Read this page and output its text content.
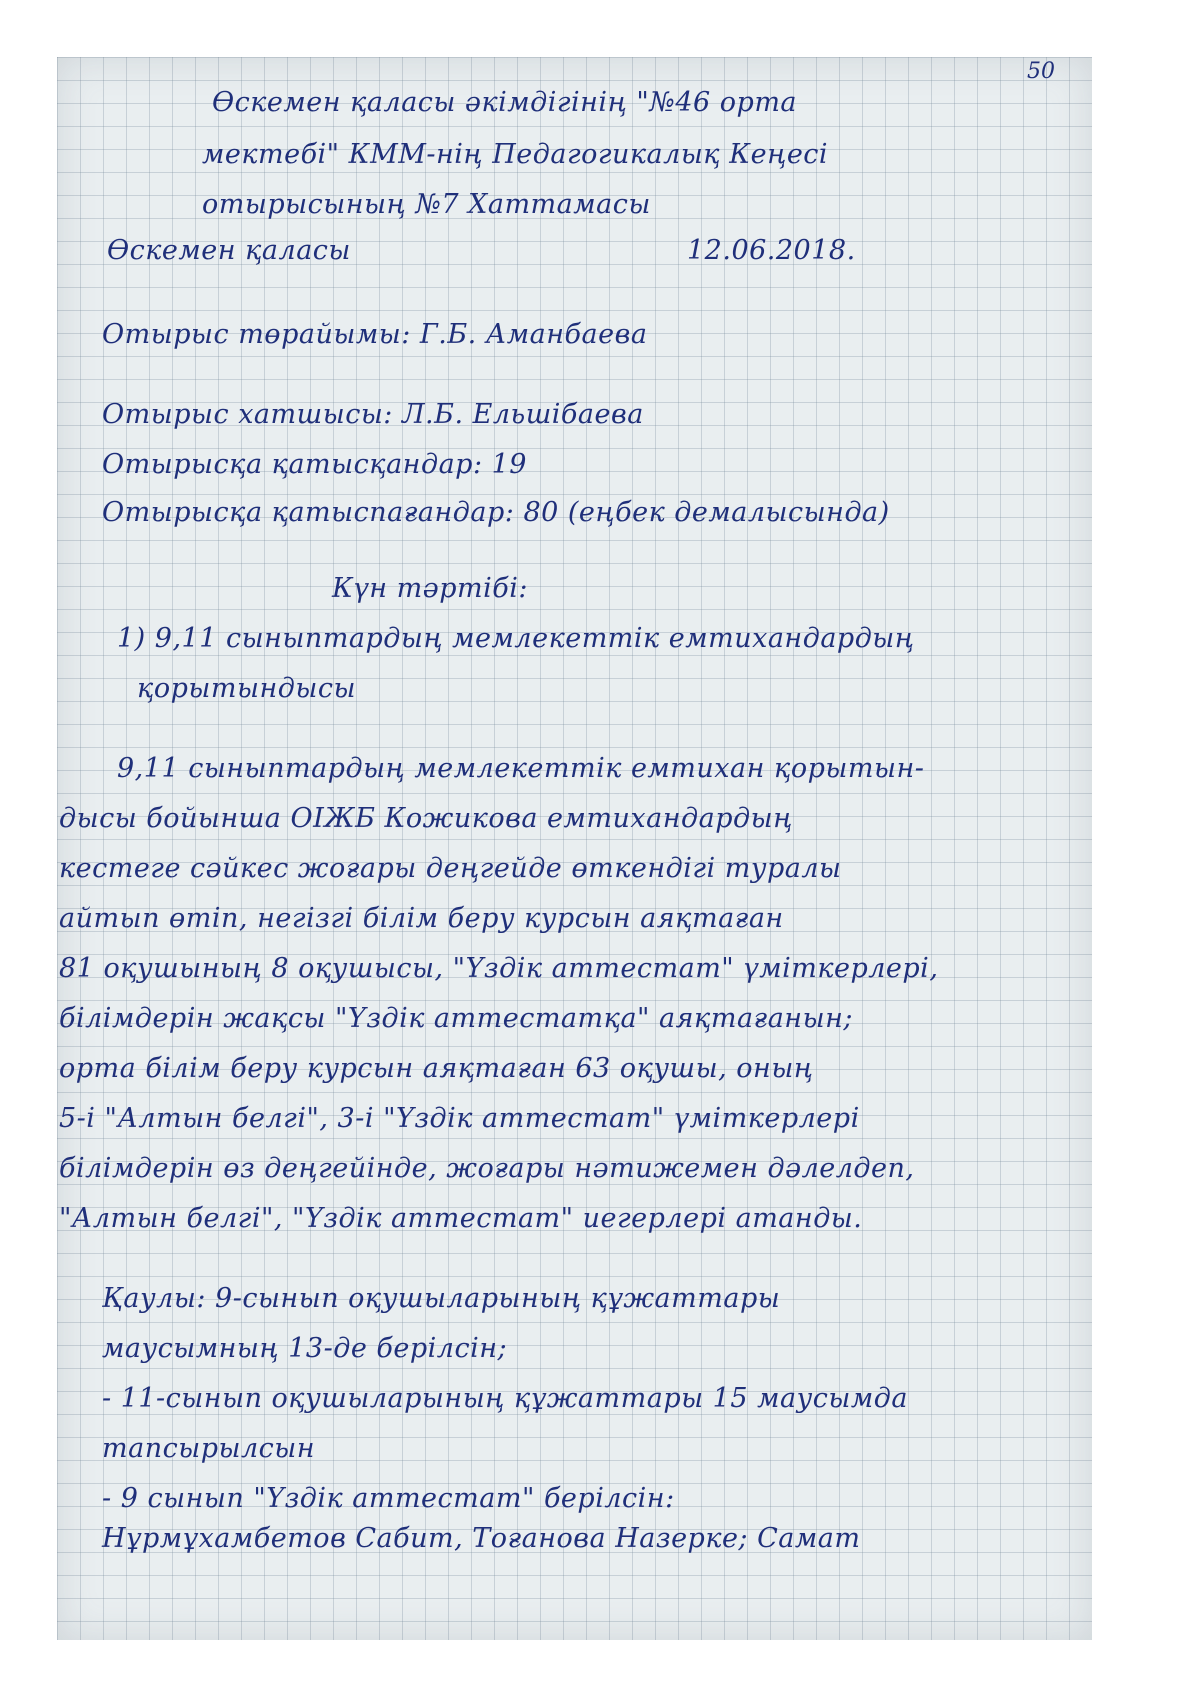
50
Өскемен қаласы әкімдігінің "№46 орта
мектебі" КММ-нің Педагогикалық Кеңесі
отырысының №7 Хаттамасы
Өскемен қаласы	12.06.2018.
Отырыс төрайымы: Г.Б. Аманбаева
Отырыс хатшысы: Л.Б. Ельшібаева
Отырысқа қатысқандар: 19
Отырысқа қатыспағандар: 80 (еңбек демалысында)
Күн тәртібі:
1) 9,11 сыныптардың мемлекеттік емтихандардың
қорытындысы
9,11 сыныптардың мемлекеттік емтихан қорытын-
дысы бойынша ОІЖБ Кожикова емтихандардың
кестеге сәйкес жоғары деңгейде өткендігі туралы
айтып өтіп, негізгі білім беру курсын аяқтаған
81 оқушының 8 оқушысы, "Үздік аттестат" үміткерлері,
білімдерін жақсы "Үздік аттестатқа" аяқтағанын;
орта білім беру курсын аяқтаған 63 оқушы, оның
5-і "Алтын белгі", 3-і "Үздік аттестат" үміткерлері
білімдерін өз деңгейінде, жоғары нәтижемен дәлелдеп,
"Алтын белгі", "Үздік аттестат" иегерлері атанды.
Қаулы: 9-сынып оқушыларының құжаттары
маусымның 13-де берілсін;
- 11-сынып оқушыларының құжаттары 15 маусымда
тапсырылсын
- 9 сынып "Үздік аттестат" берілсін:
Нұрмұхамбетов Сабит, Тоғанова Назерке; Самат
